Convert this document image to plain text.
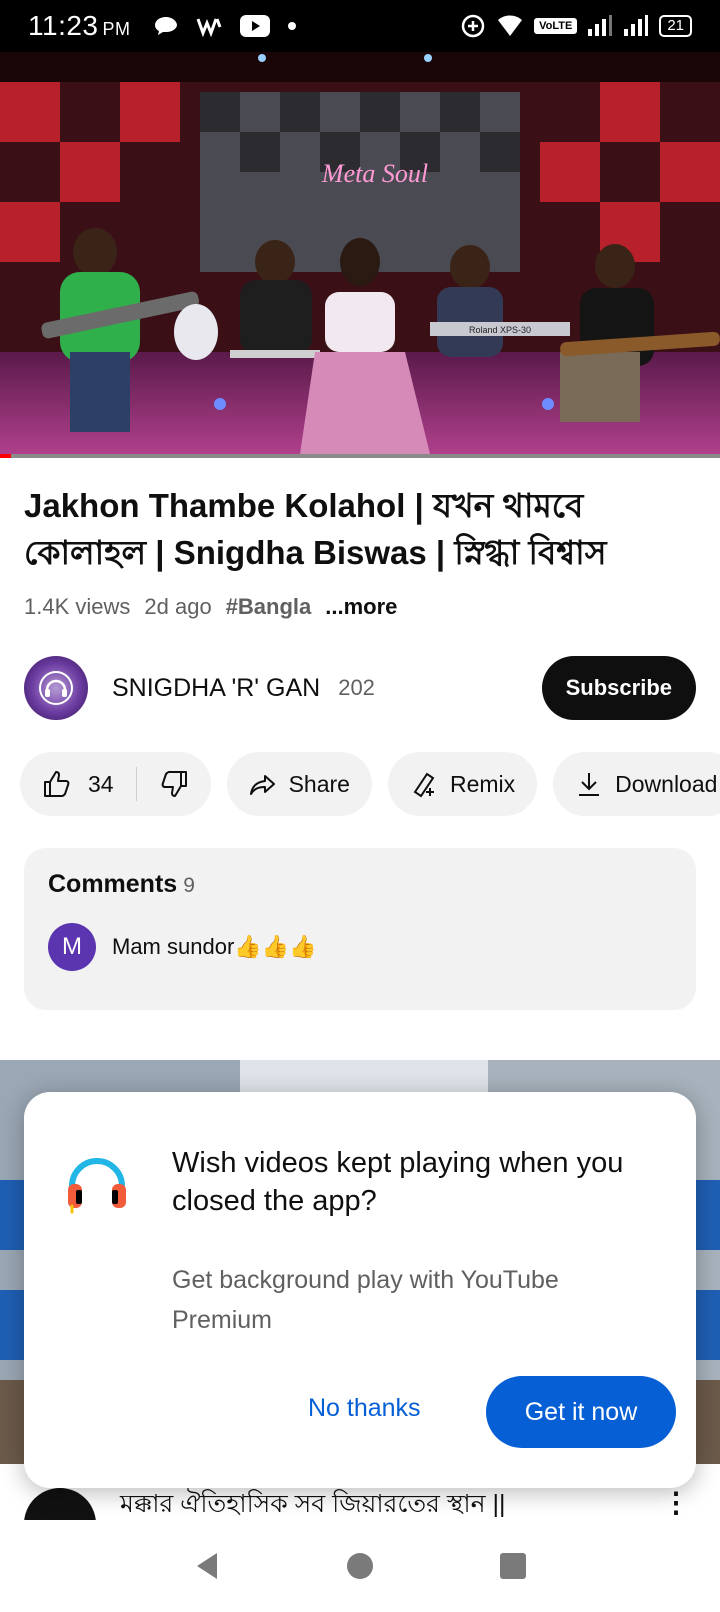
11:23 PM	VoLTE	21
Meta Soul
Roland XPS-30
Jakhon Thambe Kolahol | যখন থামবে কোলাহল | Snigdha Biswas | স্নিগ্ধা বিশ্বাস
1.4K views 2d ago #Bangla ...more
SNIGDHA 'R' GAN 202	Subscribe
34	Share	Remix	Download
Comments 9
M	Mam sundor👍👍👍
মক্কার ঐতিহাসিক সব জিয়ারতের স্থান ||	⋮
Wish videos kept playing when you closed the app?
Get background play with YouTube Premium
No thanks	Get it now
